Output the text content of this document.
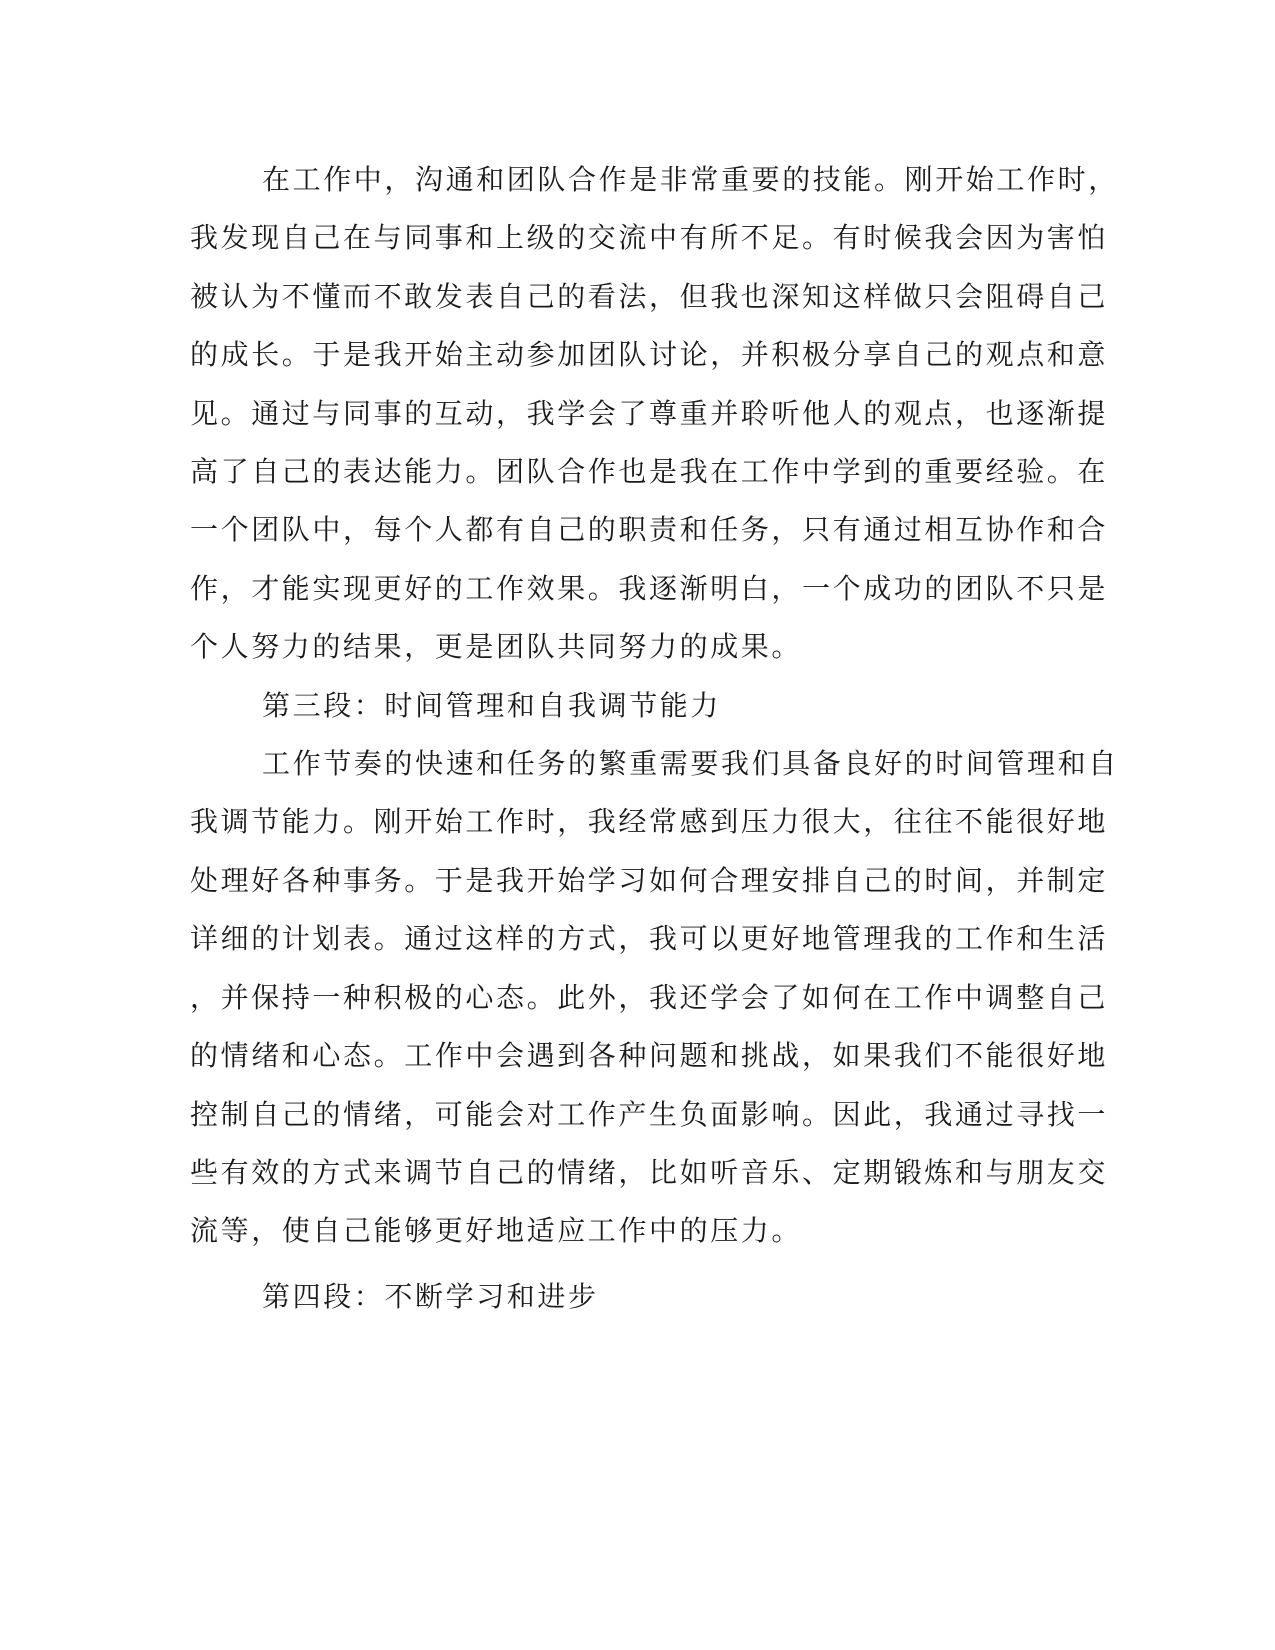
在工作中，沟通和团队合作是非常重要的技能。刚开始工作时，
我发现自己在与同事和上级的交流中有所不足。有时候我会因为害怕
被认为不懂而不敢发表自己的看法，但我也深知这样做只会阻碍自己
的成长。于是我开始主动参加团队讨论，并积极分享自己的观点和意
见。通过与同事的互动，我学会了尊重并聆听他人的观点，也逐渐提
高了自己的表达能力。团队合作也是我在工作中学到的重要经验。在
一个团队中，每个人都有自己的职责和任务，只有通过相互协作和合
作，才能实现更好的工作效果。我逐渐明白，一个成功的团队不只是
个人努力的结果，更是团队共同努力的成果。
第三段：时间管理和自我调节能力
工作节奏的快速和任务的繁重需要我们具备良好的时间管理和自
我调节能力。刚开始工作时，我经常感到压力很大，往往不能很好地
处理好各种事务。于是我开始学习如何合理安排自己的时间，并制定
详细的计划表。通过这样的方式，我可以更好地管理我的工作和生活
，并保持一种积极的心态。此外，我还学会了如何在工作中调整自己
的情绪和心态。工作中会遇到各种问题和挑战，如果我们不能很好地
控制自己的情绪，可能会对工作产生负面影响。因此，我通过寻找一
些有效的方式来调节自己的情绪，比如听音乐、定期锻炼和与朋友交
流等，使自己能够更好地适应工作中的压力。
第四段：不断学习和进步
